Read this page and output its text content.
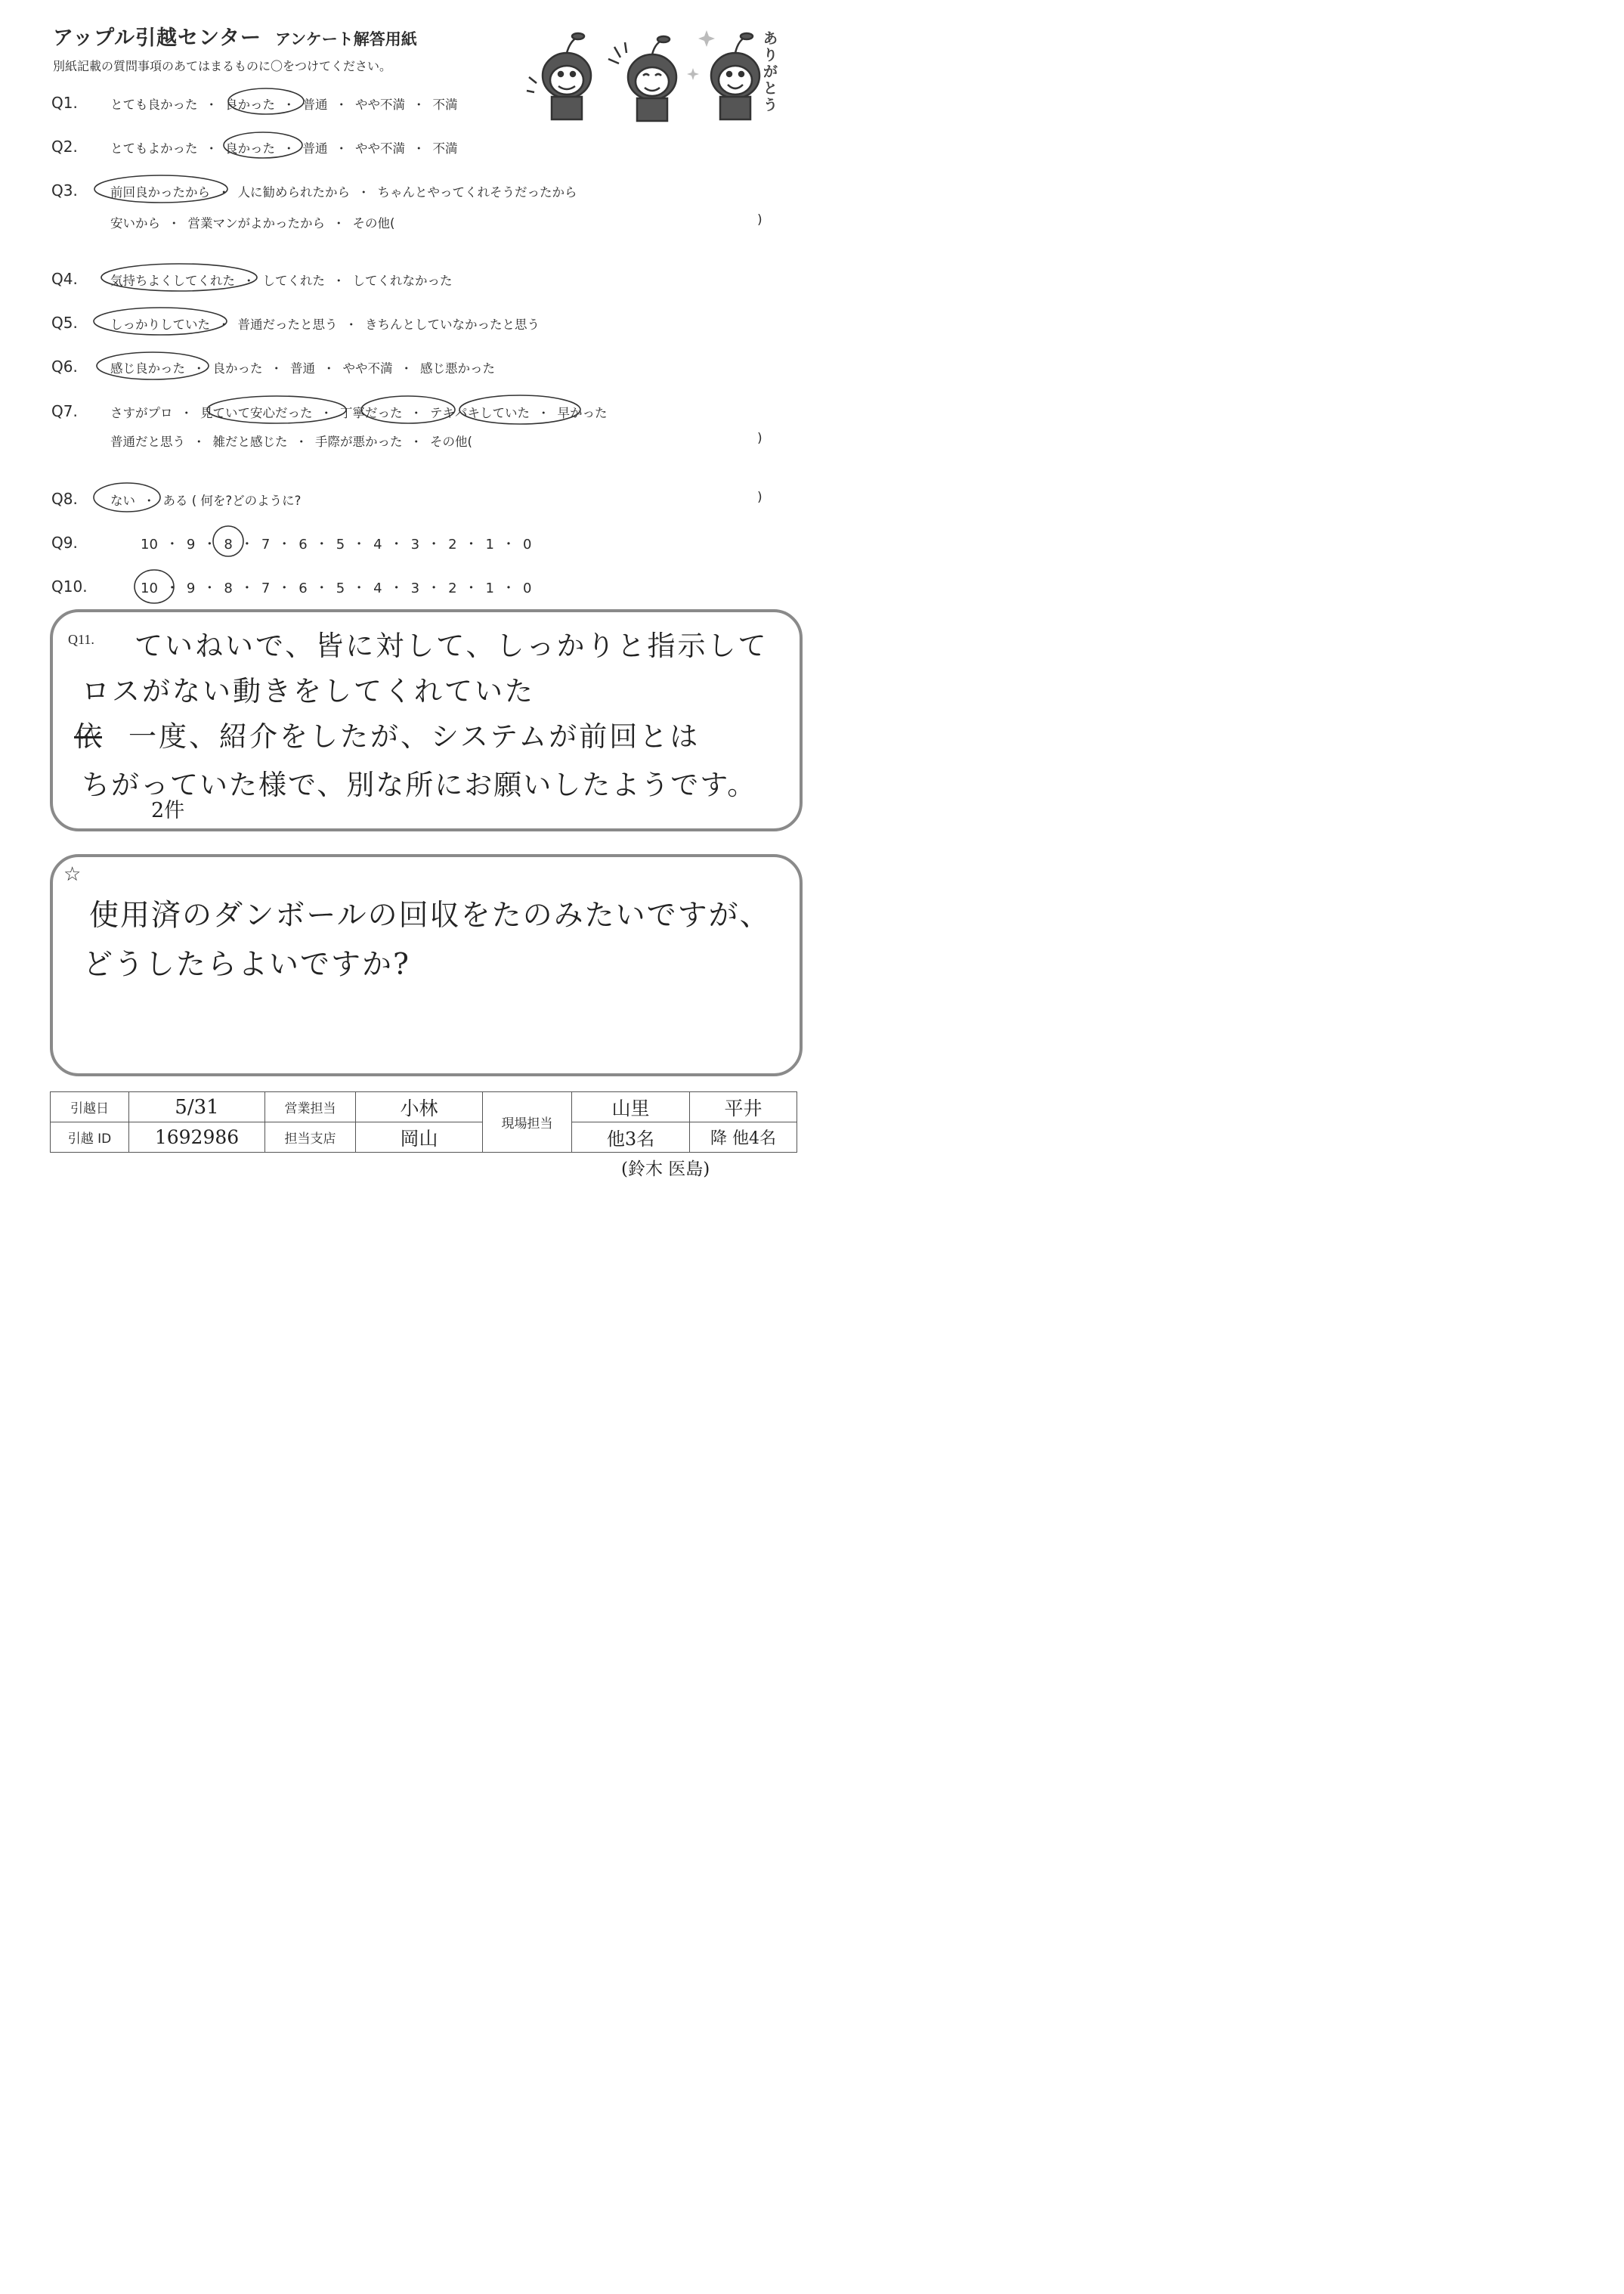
アップル引越センター アンケート解答用紙
別紙記載の質問事項のあてはまるものに〇をつけてください。
ありがとう
Q1.	とても良かった ・ 良かった ・ 普通 ・ やや不満 ・ 不満
Q2.	とてもよかった ・ 良かった ・ 普通 ・ やや不満 ・ 不満
Q3.	前回良かったから ・ 人に勧められたから ・ ちゃんとやってくれそうだったから
安いから ・ 営業マンがよかったから ・ その他(	)
Q4.	気持ちよくしてくれた ・ してくれた ・ してくれなかった
Q5.	しっかりしていた ・ 普通だったと思う ・ きちんとしていなかったと思う
Q6.	感じ良かった ・ 良かった ・ 普通 ・ やや不満 ・ 感じ悪かった
Q7.	さすがプロ ・ 見ていて安心だった ・ 丁寧だった ・ テキパキしていた ・ 早かった
普通だと思う ・ 雑だと感じた ・ 手際が悪かった ・ その他(	)
Q8.	ない ・ ある ( 何を?どのように?	)
Q9.	10 ・ 9 ・ 8 ・ 7 ・ 6 ・ 5 ・ 4 ・ 3 ・ 2 ・ 1 ・ 0
Q10.	10 ・ 9 ・ 8 ・ 7 ・ 6 ・ 5 ・ 4 ・ 3 ・ 2 ・ 1 ・ 0
Q11. ていねいで、皆に対して、しっかりと指示して
ロスがない動きをしてくれていた
依 一度、紹介をしたが、システムが前回とは
ちがっていた様で、別な所にお願いしたようです。
2件
☆
使用済のダンボールの回収をたのみたいですが、
どうしたらよいですか?
引越日	5/31	営業担当	小林	現場担当	山里	平井
引越 ID	1692986	担当支店	岡山		他3名	降 他4名
(鈴木 医島)
